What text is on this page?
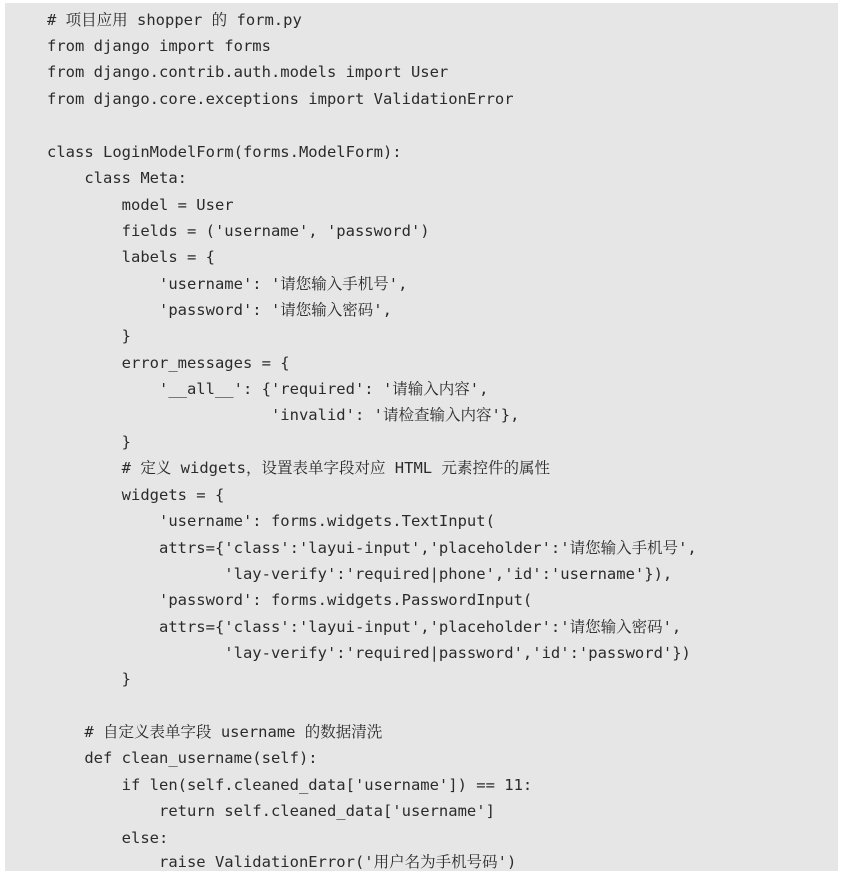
# 项目应用 shopper 的 form.py
from django import forms
from django.contrib.auth.models import User
from django.core.exceptions import ValidationError
class LoginModelForm(forms.ModelForm):
class Meta:
model = User
fields = ('username', 'password')
labels = {
'username': '请您输入手机号',
'password': '请您输入密码',
}
error_messages = {
'__all__': {'required': '请输入内容',
'invalid': '请检查输入内容'},
}
# 定义 widgets，设置表单字段对应 HTML 元素控件的属性
widgets = {
'username': forms.widgets.TextInput(
attrs={'class':'layui-input','placeholder':'请您输入手机号',
'lay-verify':'required|phone','id':'username'}),
'password': forms.widgets.PasswordInput(
attrs={'class':'layui-input','placeholder':'请您输入密码',
'lay-verify':'required|password','id':'password'})
}
# 自定义表单字段 username 的数据清洗
def clean_username(self):
if len(self.cleaned_data['username']) == 11:
return self.cleaned_data['username']
else:
raise ValidationError('用户名为手机号码')
